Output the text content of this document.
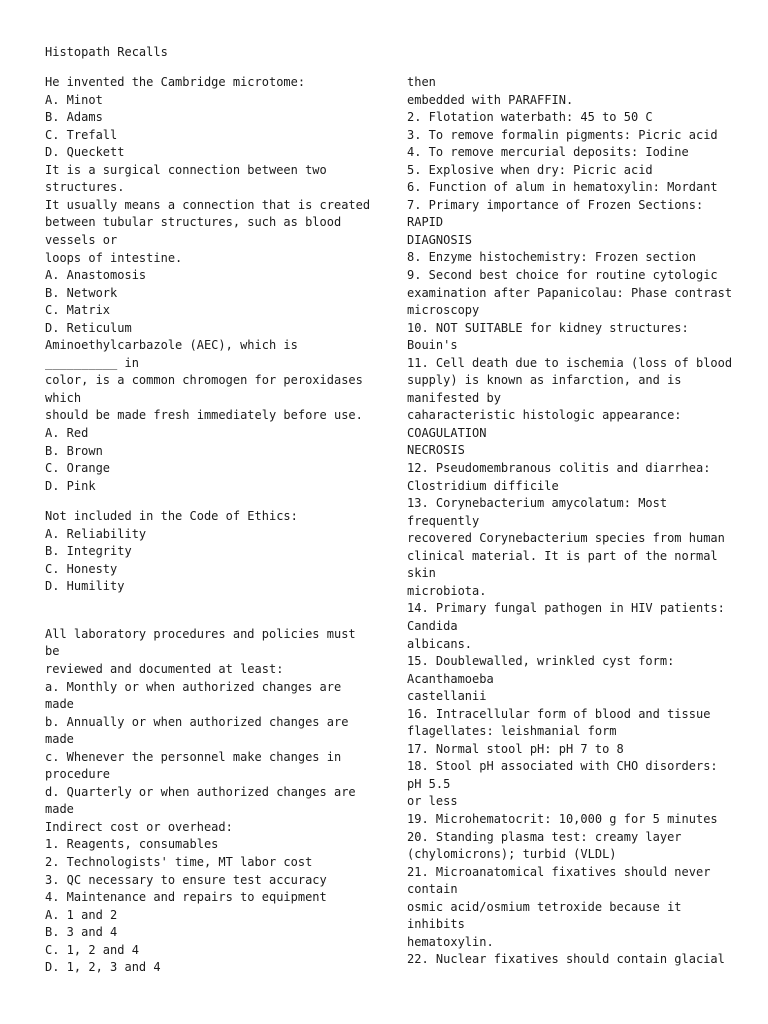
Histopath Recalls
He invented the Cambridge microtome:
A. Minot
B. Adams
C. Trefall
D. Queckett
It is a surgical connection between two
structures.
It usually means a connection that is created
between tubular structures, such as blood
vessels or
loops of intestine.
A. Anastomosis
B. Network
C. Matrix
D. Reticulum
Aminoethylcarbazole (AEC), which is
__________ in
color, is a common chromogen for peroxidases
which
should be made fresh immediately before use.
A. Red
B. Brown
C. Orange
D. Pink
Not included in the Code of Ethics:
A. Reliability
B. Integrity
C. Honesty
D. Humility
All laboratory procedures and policies must
be
reviewed and documented at least:
a. Monthly or when authorized changes are
made
b. Annually or when authorized changes are
made
c. Whenever the personnel make changes in
procedure
d. Quarterly or when authorized changes are
made
Indirect cost or overhead:
1. Reagents, consumables
2. Technologists' time, MT labor cost
3. QC necessary to ensure test accuracy
4. Maintenance and repairs to equipment
A. 1 and 2
B. 3 and 4
C. 1, 2 and 4
D. 1, 2, 3 and 4
then
embedded with PARAFFIN.
2. Flotation waterbath: 45 to 50 C
3. To remove formalin pigments: Picric acid
4. To remove mercurial deposits: Iodine
5. Explosive when dry: Picric acid
6. Function of alum in hematoxylin: Mordant
7. Primary importance of Frozen Sections:
RAPID
DIAGNOSIS
8. Enzyme histochemistry: Frozen section
9. Second best choice for routine cytologic
examination after Papanicolau: Phase contrast
microscopy
10. NOT SUITABLE for kidney structures:
Bouin's
11. Cell death due to ischemia (loss of blood
supply) is known as infarction, and is
manifested by
caharacteristic histologic appearance:
COAGULATION
NECROSIS
12. Pseudomembranous colitis and diarrhea:
Clostridium difficile
13. Corynebacterium amycolatum: Most
frequently
recovered Corynebacterium species from human
clinical material. It is part of the normal
skin
microbiota.
14. Primary fungal pathogen in HIV patients:
Candida
albicans.
15. Doublewalled, wrinkled cyst form:
Acanthamoeba
castellanii
16. Intracellular form of blood and tissue
flagellates: leishmanial form
17. Normal stool pH: pH 7 to 8
18. Stool pH associated with CHO disorders:
pH 5.5
or less
19. Microhematocrit: 10,000 g for 5 minutes
20. Standing plasma test: creamy layer
(chylomicrons); turbid (VLDL)
21. Microanatomical fixatives should never
contain
osmic acid/osmium tetroxide because it
inhibits
hematoxylin.
22. Nuclear fixatives should contain glacial
